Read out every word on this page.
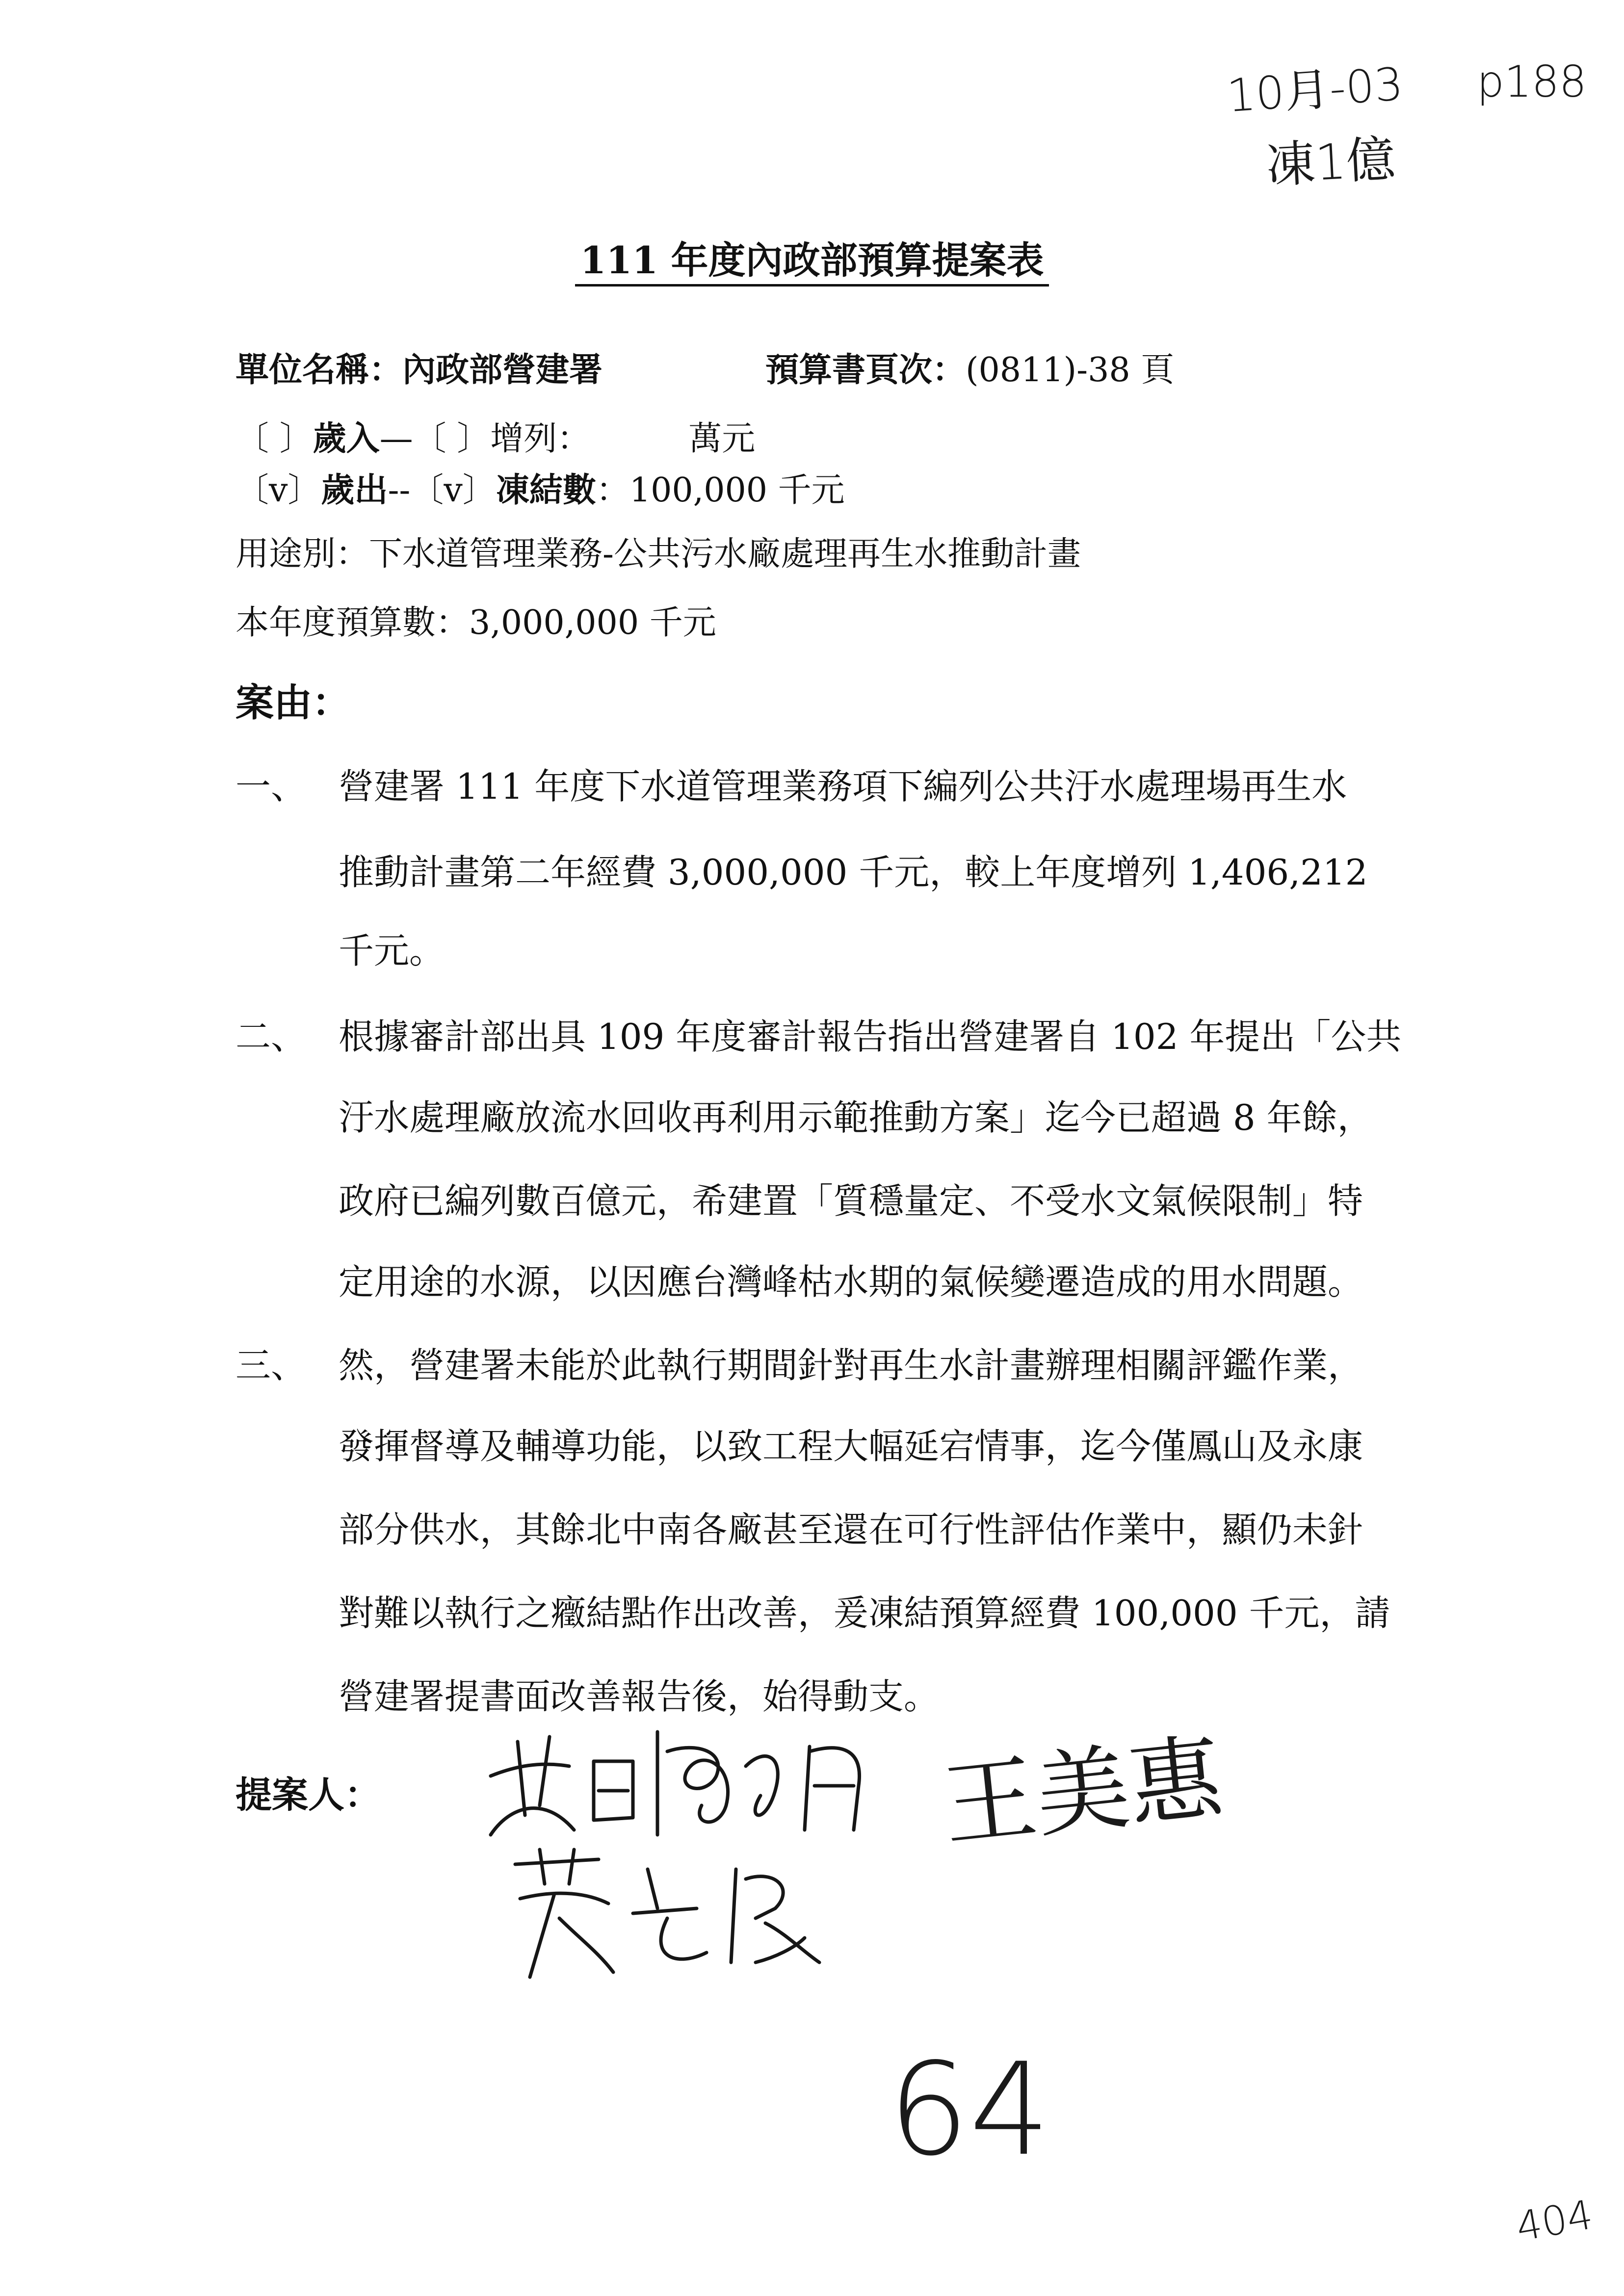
10月-03 p188
凍1億
111 年度內政部預算提案表
單位名稱：內政部營建署	預算書頁次：(0811)-38 頁
〔 〕歲入—〔 〕增列：	萬元
〔v〕歲出--〔v〕凍結數：100,000 千元
用途別：下水道管理業務-公共污水廠處理再生水推動計畫
本年度預算數：3,000,000 千元
案由：
一、 營建署 111 年度下水道管理業務項下編列公共汙水處理場再生水
推動計畫第二年經費 3,000,000 千元，較上年度增列 1,406,212
千元。
二、 根據審計部出具 109 年度審計報告指出營建署自 102 年提出「公共
汙水處理廠放流水回收再利用示範推動方案」迄今已超過 8 年餘，
政府已編列數百億元，希建置「質穩量定、不受水文氣候限制」特
定用途的水源，以因應台灣峰枯水期的氣候變遷造成的用水問題。
三、 然，營建署未能於此執行期間針對再生水計畫辦理相關評鑑作業，
發揮督導及輔導功能，以致工程大幅延宕情事，迄今僅鳳山及永康
部分供水，其餘北中南各廠甚至還在可行性評估作業中，顯仍未針
對難以執行之癥結點作出改善，爰凍結預算經費 100,000 千元，請
營建署提書面改善報告後，始得動支。
提案人：	王美惠
64
404
